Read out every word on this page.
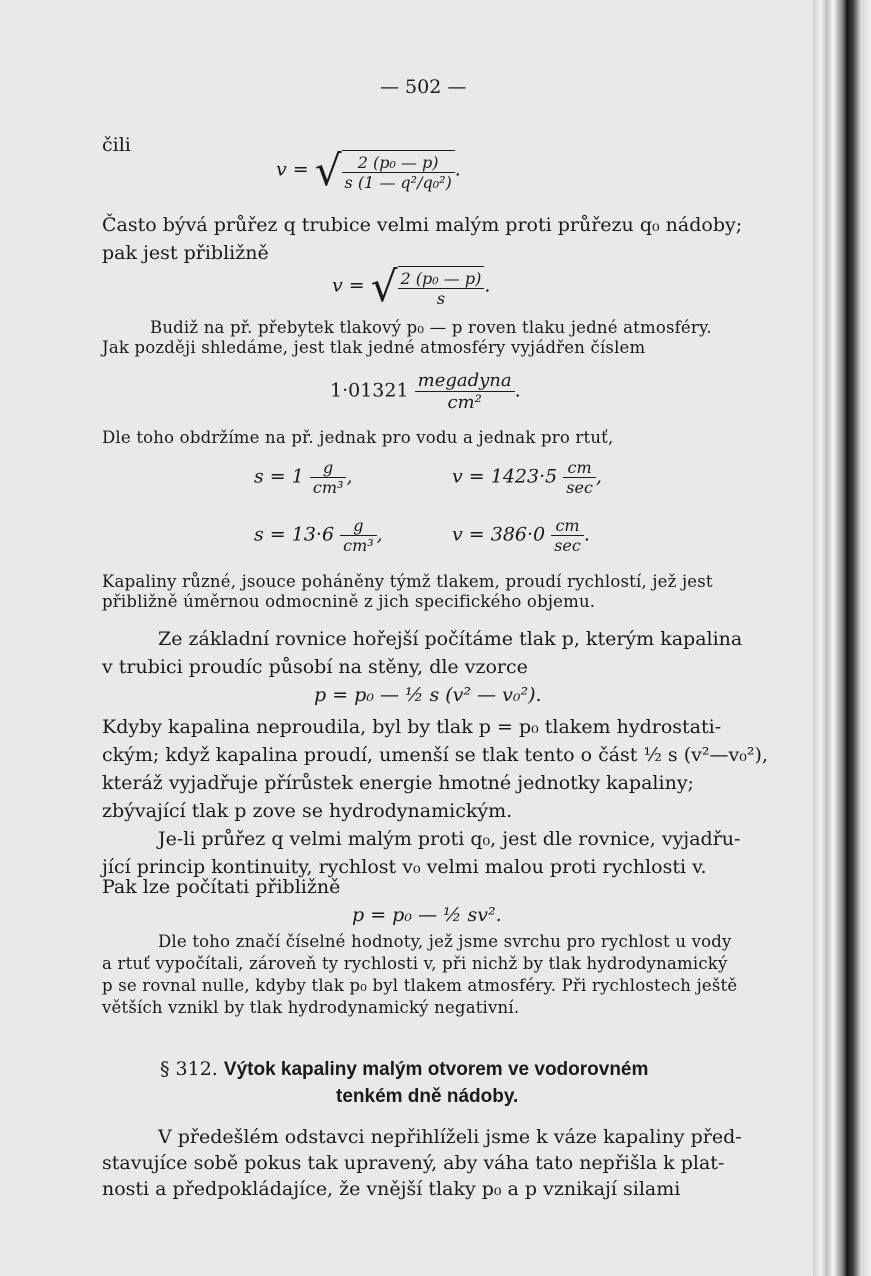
— 502 —
čili
v = √ $\frac{\text{2 (p₀ — p)}}{\text{s (1 — q²/q₀²)}}$ .
Často bývá průřez q trubice velmi malým proti průřezu q₀ nádoby;
pak jest přibližně
v = √ $\frac{\text{2 (p₀ — p)}}{s}$ .
Budiž na př. přebytek tlakový p₀ — p roven tlaku jedné atmosféry.
Jak později shledáme, jest tlak jedné atmosféry vyjádřen číslem
$1\cdot 01321 \frac{\text{megadyna}}{\text{cm²}}$ .
Dle toho obdržíme na př. jednak pro vodu a jednak pro rtuť,
$s = 1 \frac{g}{\text{cm³}}$ ,	$v = 1423\cdot 5 \frac{cm}{\sec}$ ,
$s = 13\cdot 6 \frac{g}{\text{cm³}}$ ,	$v = 386\cdot 0 \frac{cm}{\sec}$ .
Kapaliny různé, jsouce poháněny týmž tlakem, proudí rychlostí, jež jest
přibližně úměrnou odmocnině z jich specifického objemu.
Ze základní rovnice hořejší počítáme tlak p, kterým kapalina
v trubici proudíc působí na stěny, dle vzorce
p = p₀ — ½ s (v² — v₀²).
Kdyby kapalina neproudila, byl by tlak p = p₀ tlakem hydrostati-
ckým; když kapalina proudí, umenší se tlak tento o část ½ s (v²—v₀²),
kteráž vyjadřuje přírůstek energie hmotné jednotky kapaliny;
zbývající tlak p zove se hydrodynamickým.
Je-li průřez q velmi malým proti q₀, jest dle rovnice, vyjadřu-
jící princip kontinuity, rychlost v₀ velmi malou proti rychlosti v.
Pak lze počítati přibližně
p = p₀ — ½ sv².
Dle toho značí číselné hodnoty, jež jsme svrchu pro rychlost u vody
a rtuť vypočítali, zároveň ty rychlosti v, při nichž by tlak hydrodynamický
p se rovnal nulle, kdyby tlak p₀ byl tlakem atmosféry. Při rychlostech ještě
větších vznikl by tlak hydrodynamický negativní.
§ 312. Výtok kapaliny malým otvorem ve vodorovném
tenkém dně nádoby.
V předešlém odstavci nepřihlíželi jsme k váze kapaliny před-
stavujíce sobě pokus tak upravený, aby váha tato nepřišla k plat-
nosti a předpokládajíce, že vnější tlaky p₀ a p vznikají silami
